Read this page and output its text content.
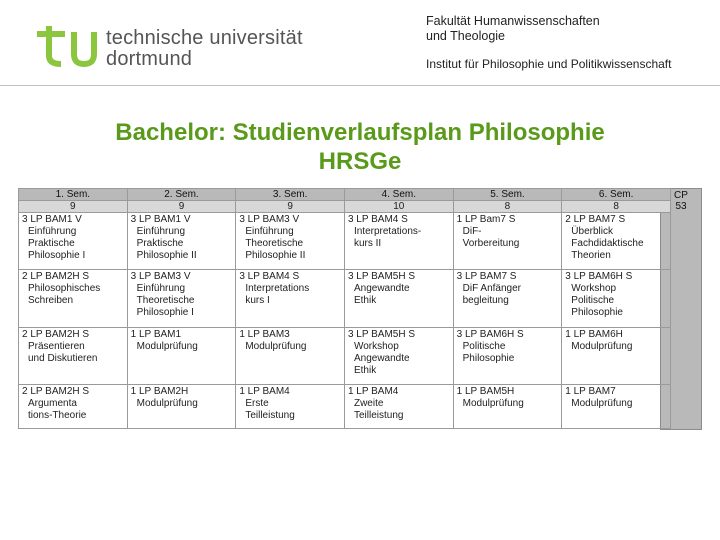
technische universität
dortmund
Fakultät Humanwissenschaften
und Theologie
Institut für Philosophie und Politikwissenschaft
Bachelor: Studienverlaufsplan Philosophie
HRSGe
CP
53
1. Sem.	2. Sem.	3. Sem.	4. Sem.	5. Sem.	6. Sem.
9	9	9	10	8	8

3 LP BAM1 V
Einführung
Praktische
Philosophie I	3 LP BAM1 V
Einführung
Praktische
Philosophie II	3 LP BAM3 V
Einführung
Theoretische
Philosophie II	3 LP BAM4 S
Interpretations-
kurs II	1 LP Bam7 S
DiF-
Vorbereitung	2 LP BAM7 S
Überblick
Fachdidaktische
Theorien

2 LP BAM2H S
Philosophisches
Schreiben	3 LP BAM3 V
Einführung
Theoretische
Philosophie I	3 LP BAM4 S
Interpretations
kurs I	3 LP BAM5H S
Angewandte
Ethik	3 LP BAM7 S
DiF Anfänger
begleitung	3 LP BAM6H S
Workshop
Politische
Philosophie

2 LP BAM2H S
Präsentieren
und Diskutieren	1 LP BAM1
Modulprüfung	1 LP BAM3
Modulprüfung	3 LP BAM5H S
Workshop
Angewandte
Ethik	3 LP BAM6H S
Politische
Philosophie	1 LP BAM6H
Modulprüfung

2 LP BAM2H S
Argumenta
tions-Theorie	1 LP BAM2H
Modulprüfung	1 LP BAM4
Erste
Teilleistung	1 LP BAM4
Zweite
Teilleistung	1 LP BAM5H
Modulprüfung	1 LP BAM7
Modulprüfung
